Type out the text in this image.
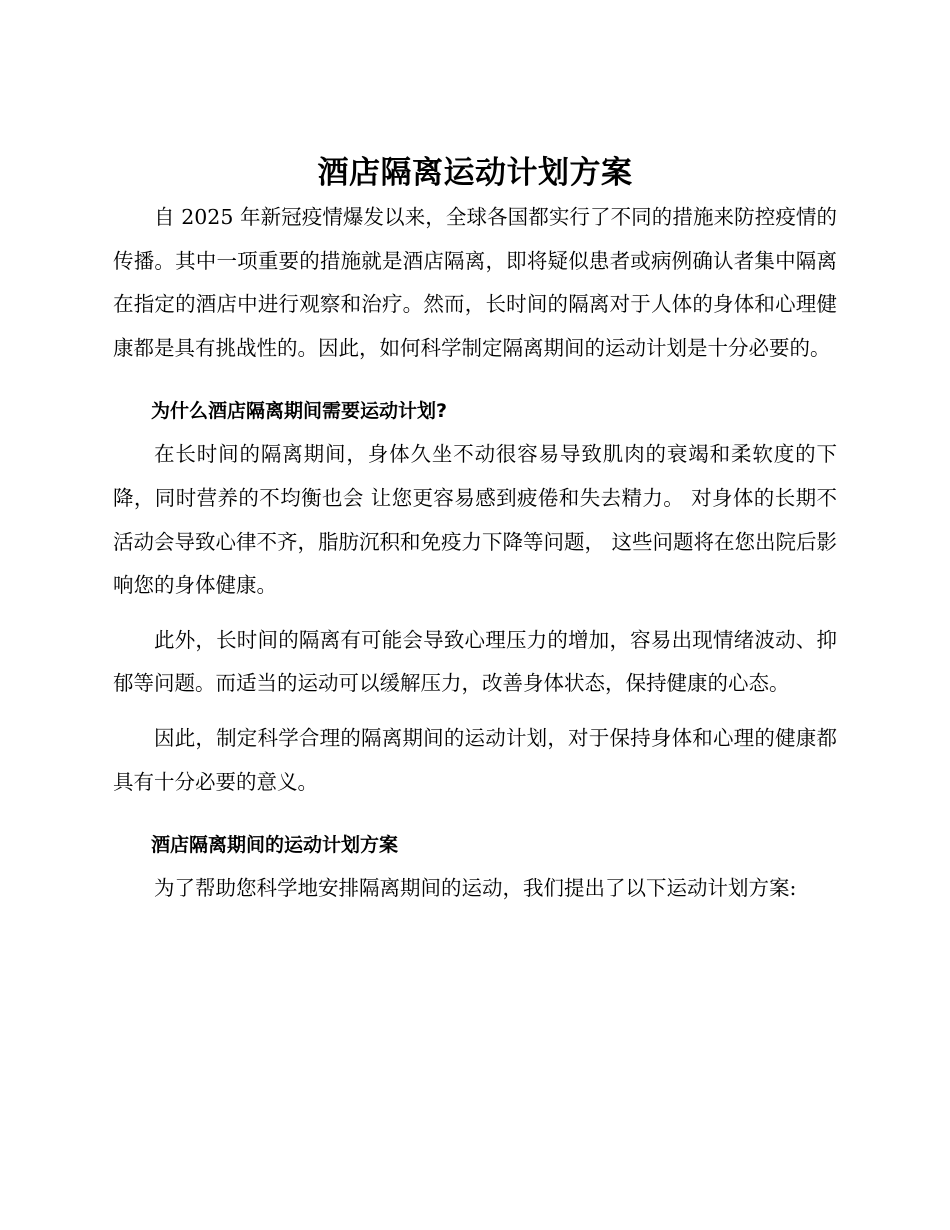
酒店隔离运动计划方案

自 2025 年新冠疫情爆发以来，全球各国都实行了不同的措施来防控疫情的传播。其中一项重要的措施就是酒店隔离，即将疑似患者或病例确认者集中隔离在指定的酒店中进行观察和治疗。然而，长时间的隔离对于人体的身体和心理健康都是具有挑战性的。因此，如何科学制定隔离期间的运动计划是十分必要的。

为什么酒店隔离期间需要运动计划?

在长时间的隔离期间，身体久坐不动很容易导致肌肉的衰竭和柔软度的下降，同时营养的不均衡也会 让您更容易感到疲倦和失去精力。 对身体的长期不活动会导致心律不齐，脂肪沉积和免疫力下降等问题， 这些问题将在您出院后影响您的身体健康。

此外，长时间的隔离有可能会导致心理压力的增加，容易出现情绪波动、抑郁等问题。而适当的运动可以缓解压力，改善身体状态，保持健康的心态。

因此，制定科学合理的隔离期间的运动计划，对于保持身体和心理的健康都具有十分必要的意义。

酒店隔离期间的运动计划方案

为了帮助您科学地安排隔离期间的运动，我们提出了以下运动计划方案:
